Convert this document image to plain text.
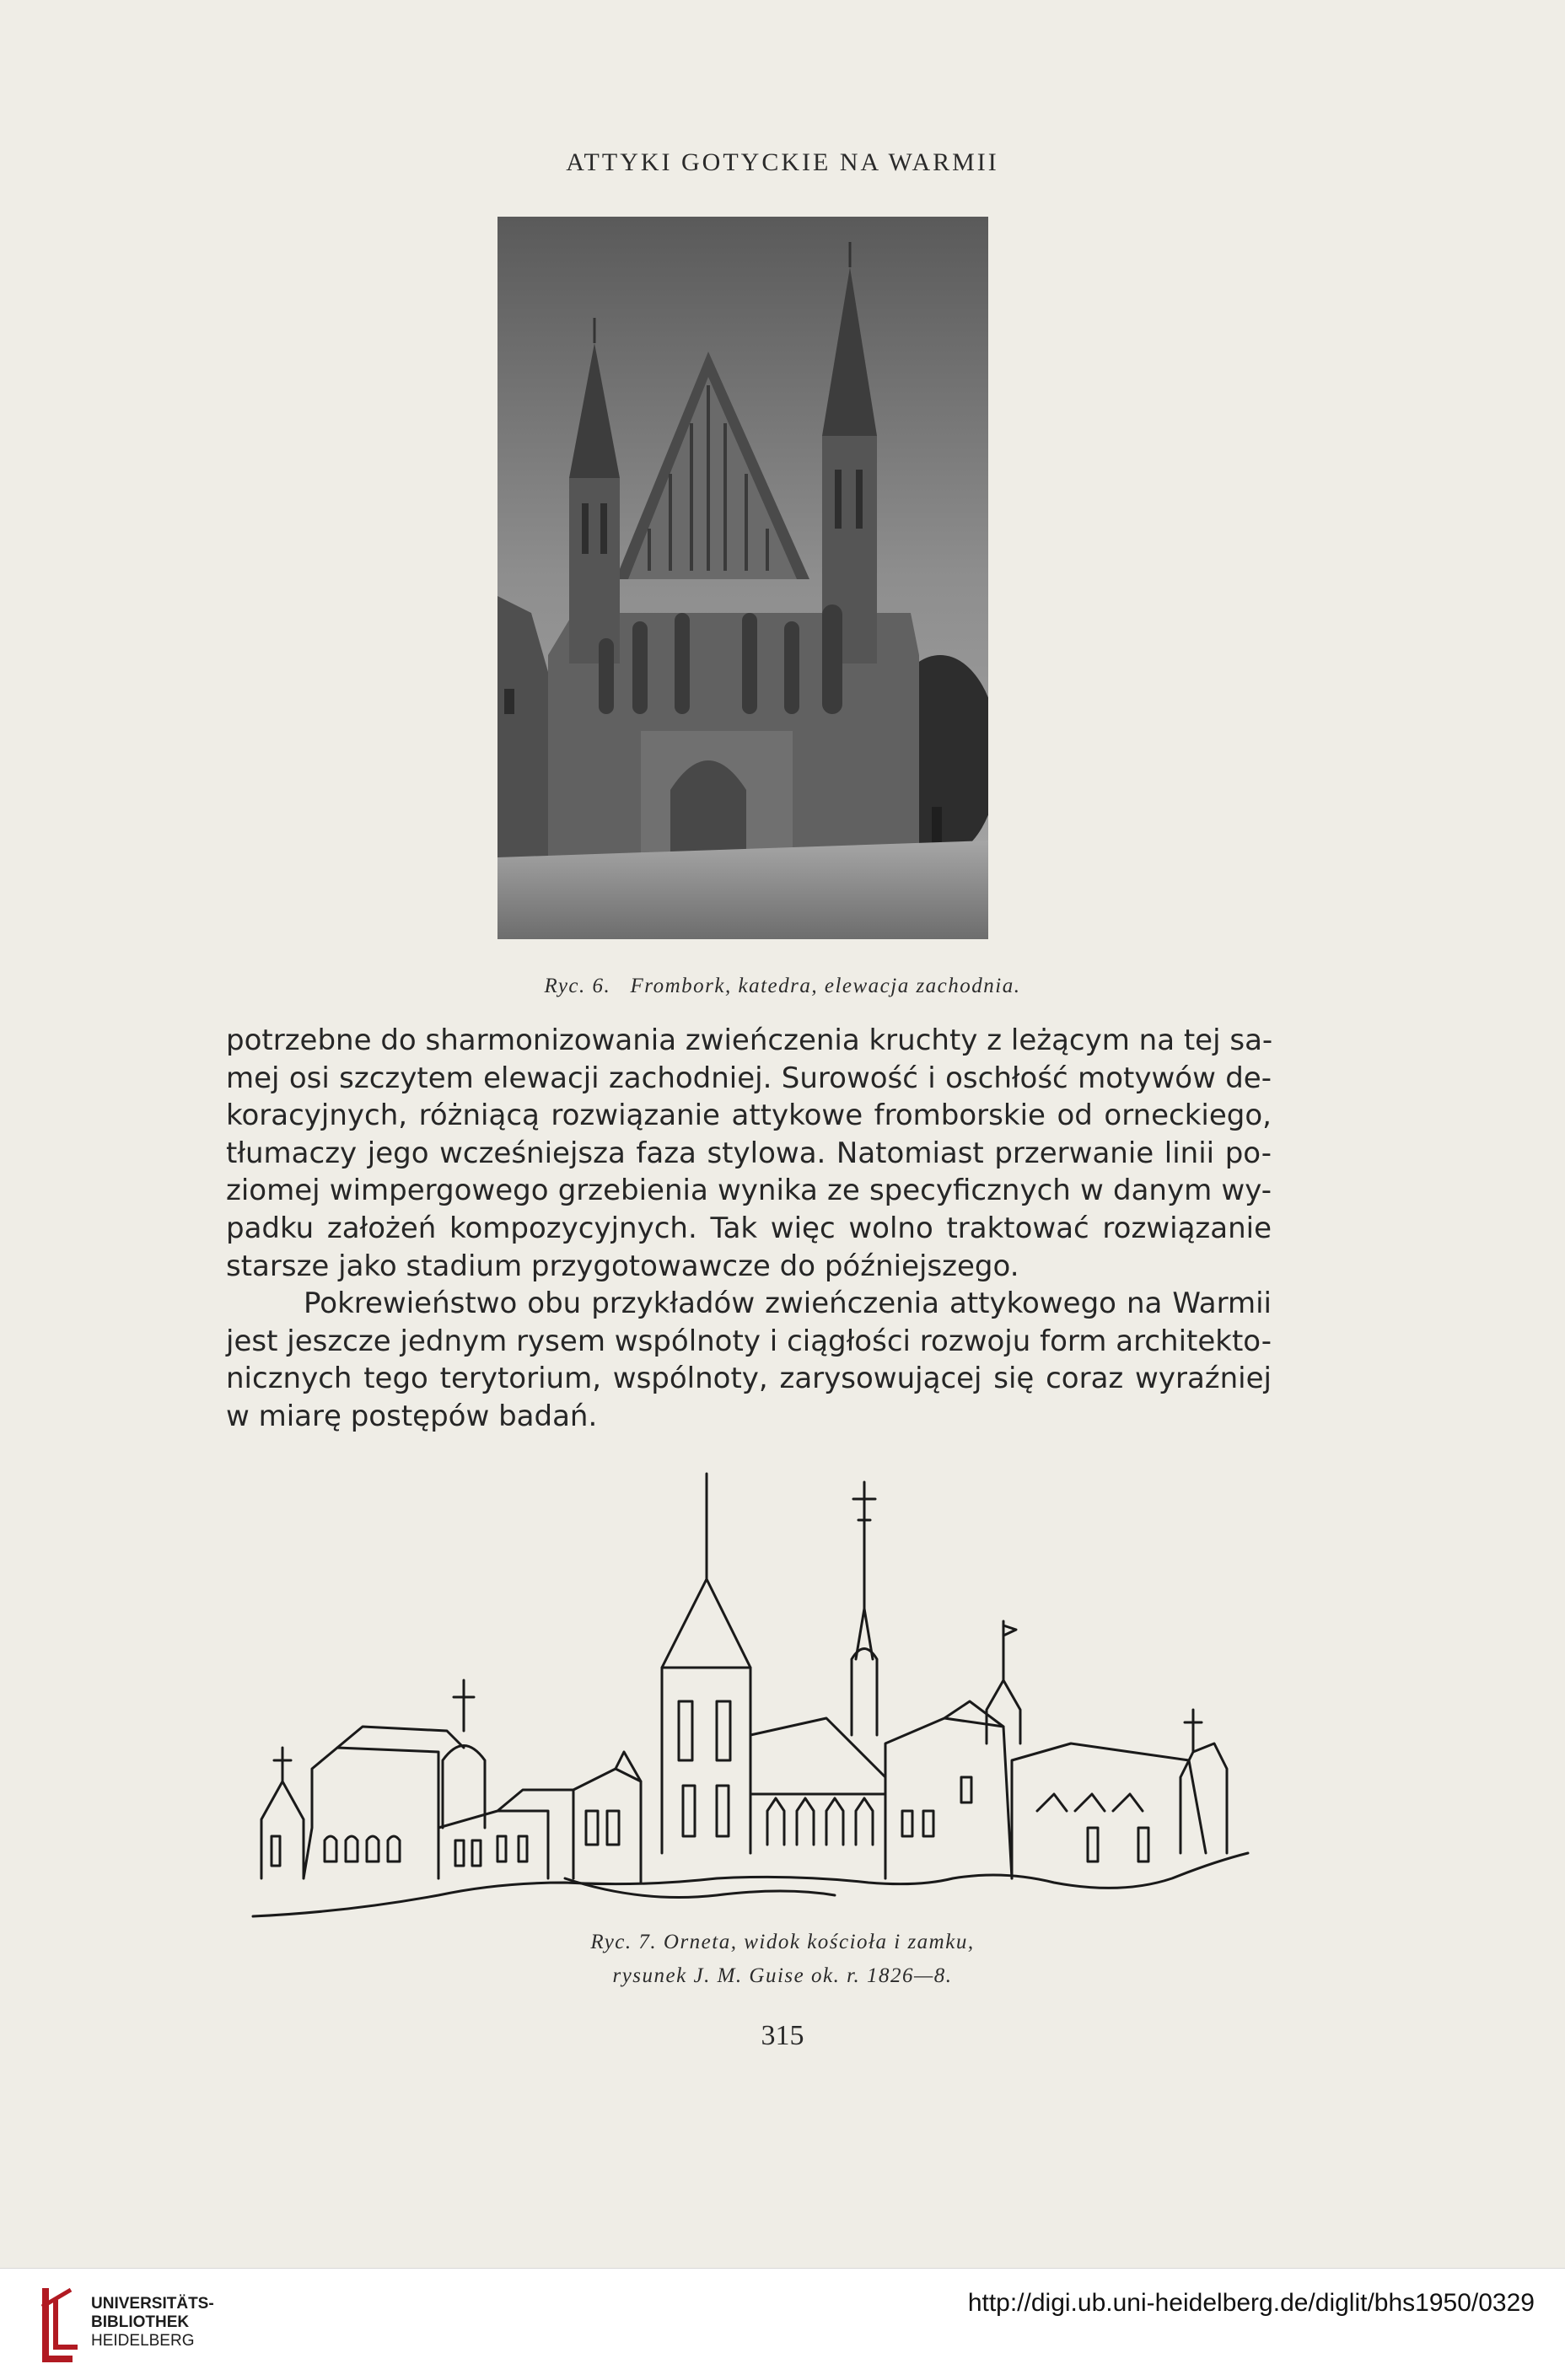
ATTYKI GOTYCKIE NA WARMII
Ryc. 6. Frombork, katedra, elewacja zachodnia.

potrzebne do sharmonizowania zwieńczenia kruchty z leżącym na tej sa-
mej osi szczytem elewacji zachodniej. Surowość i oschłość motywów de-
koracyjnych, różniącą rozwiązanie attykowe fromborskie od orneckiego,
tłumaczy jego wcześniejsza faza stylowa. Natomiast przerwanie linii po-
ziomej wimpergowego grzebienia wynika ze specyficznych w danym wy-
padku założeń kompozycyjnych. Tak więc wolno traktować rozwiązanie
starsze jako stadium przygotowawcze do późniejszego.

Pokrewieństwo obu przykładów zwieńczenia attykowego na Warmii
jest jeszcze jednym rysem wspólnoty i ciągłości rozwoju form architekto-
nicznych tego terytorium, wspólnoty, zarysowującej się coraz wyraźniej
w miarę postępów badań.

Ryc. 7. Orneta, widok kościoła i zamku,
rysunek J. M. Guise ok. r. 1826—8.
315
UNIVERSITÄTS-
BIBLIOTHEK
HEIDELBERG
http://digi.ub.uni-heidelberg.de/diglit/bhs1950/0329
